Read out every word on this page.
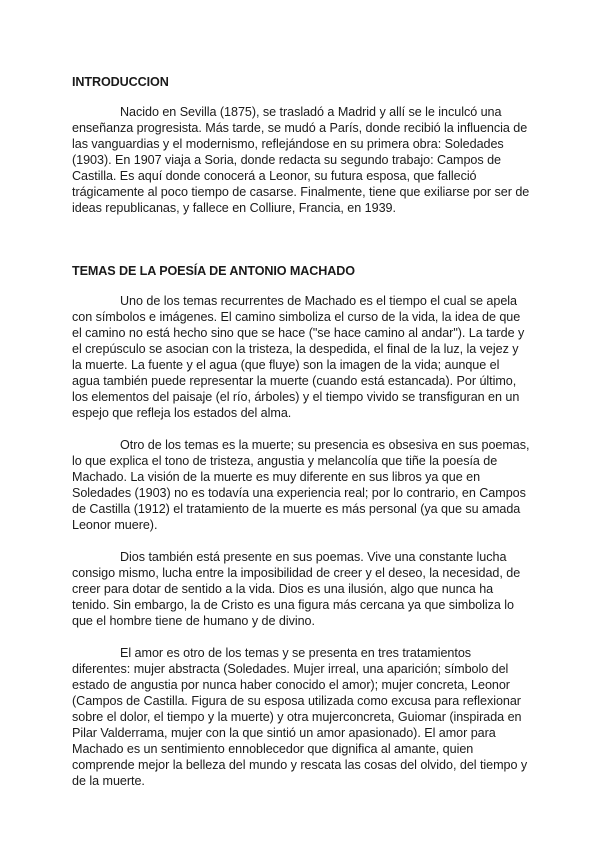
INTRODUCCION

Nacido en Sevilla (1875), se trasladó a Madrid y allí se le inculcó una enseñanza progresista. Más tarde, se mudó a París, donde recibió la influencia de las vanguardias y el modernismo, reflejándose en su primera obra: Soledades (1903). En 1907 viaja a Soria, donde redacta su segundo trabajo: Campos de Castilla. Es aquí donde conocerá a Leonor, su futura esposa, que falleció trágicamente al poco tiempo de casarse. Finalmente, tiene que exiliarse por ser de ideas republicanas, y fallece en Colliure, Francia, en 1939.

TEMAS DE LA POESÍA DE ANTONIO MACHADO

Uno de los temas recurrentes de Machado es el tiempo el cual se apela con símbolos e imágenes. El camino simboliza el curso de la vida, la idea de que el camino no está hecho sino que se hace ("se hace camino al andar"). La tarde y el crepúsculo se asocian con la tristeza, la despedida, el final de la luz, la vejez y la muerte. La fuente y el agua (que fluye) son la imagen de la vida; aunque el agua también puede representar la muerte (cuando está estancada). Por último, los elementos del paisaje (el río, árboles) y el tiempo vivido se transfiguran en un espejo que refleja los estados del alma.

Otro de los temas es la muerte; su presencia es obsesiva en sus poemas, lo que explica el tono de tristeza, angustia y melancolía que tiñe la poesía de Machado. La visión de la muerte es muy diferente en sus libros ya que en Soledades (1903) no es todavía una experiencia real; por lo contrario, en Campos de Castilla (1912) el tratamiento de la muerte es más personal (ya que su amada Leonor muere).

Dios también está presente en sus poemas. Vive una constante lucha consigo mismo, lucha entre la imposibilidad de creer y el deseo, la necesidad, de creer para dotar de sentido a la vida. Dios es una ilusión, algo que nunca ha tenido. Sin embargo, la de Cristo es una figura más cercana ya que simboliza lo que el hombre tiene de humano y de divino.

El amor es otro de los temas y se presenta en tres tratamientos diferentes: mujer abstracta (Soledades. Mujer irreal, una aparición; símbolo del estado de angustia por nunca haber conocido el amor); mujer concreta, Leonor (Campos de Castilla. Figura de su esposa utilizada como excusa para reflexionar sobre el dolor, el tiempo y la muerte) y otra mujerconcreta, Guiomar (inspirada en Pilar Valderrama, mujer con la que sintió un amor apasionado). El amor para Machado es un sentimiento ennoblecedor que dignifica al amante, quien comprende mejor la belleza del mundo y rescata las cosas del olvido, del tiempo y de la muerte.
